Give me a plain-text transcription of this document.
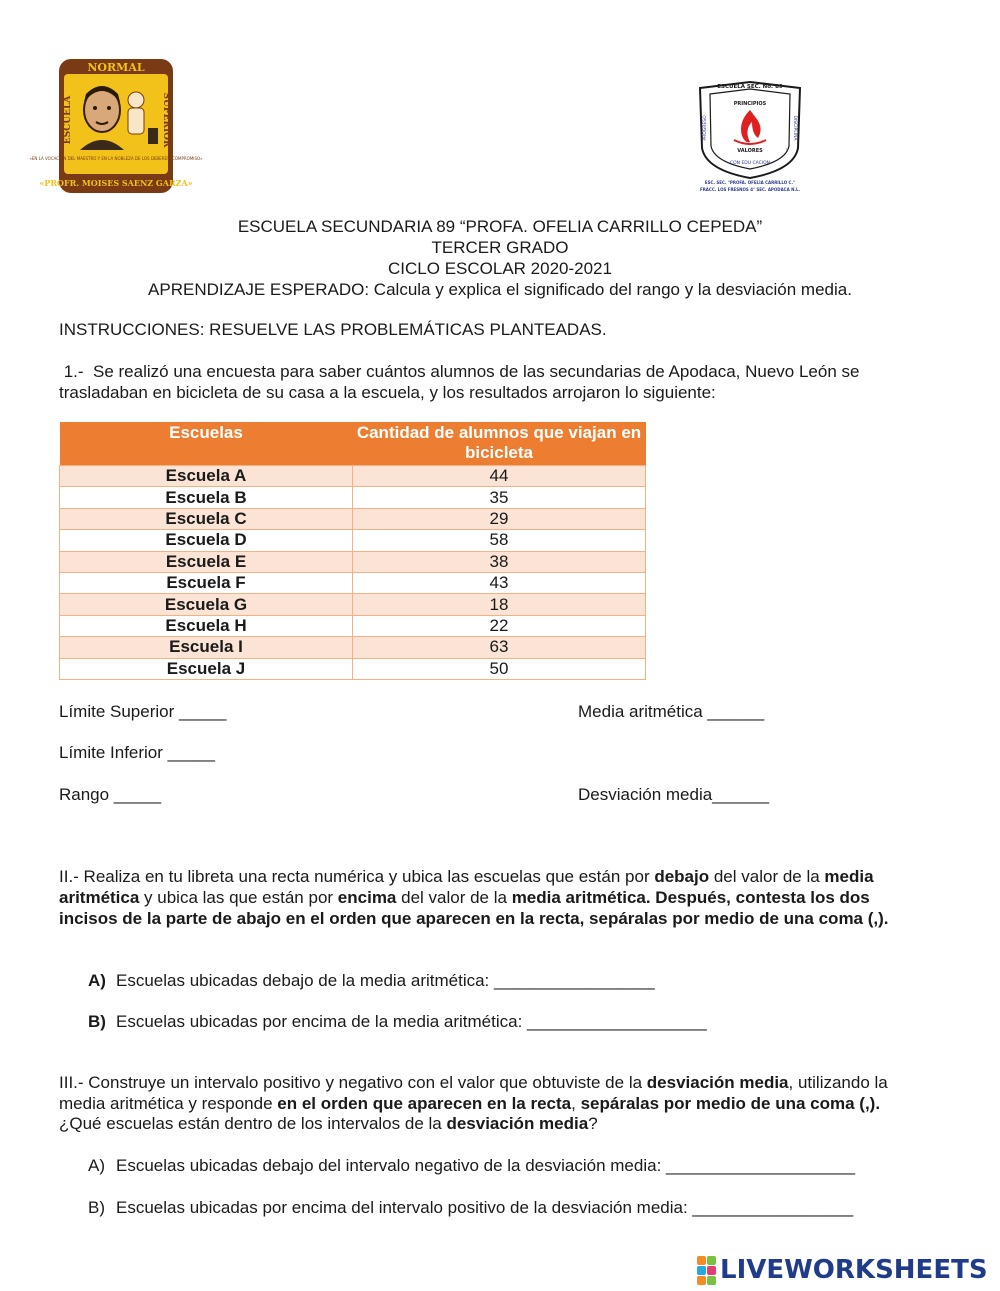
NORMAL
ESCUELA	SUPERIOR
«EN LA VOCACIÓN DEL MAESTRO Y EN LA NOBLEZA DE LOS DEBERES, COMPROMISO»
«PROFR. MOISES SAENZ GARZA»
ESCUELA SEC. No. 89
PRINCIPIOS
PROGRESO	DISCIPLINA
VALORES	Y
CON EDU CACION
ESC. SEC. "PROFA. OFELIA CARRILLO C."
FRACC. LOS FRESNOS 4° SEC. APODACA N.L.
ESCUELA SECUNDARIA 89 “PROFA. OFELIA CARRILLO CEPEDA”
TERCER GRADO
CICLO ESCOLAR 2020-2021
APRENDIZAJE ESPERADO: Calcula y explica el significado del rango y la desviación media.
INSTRUCCIONES: RESUELVE LAS PROBLEMÁTICAS PLANTEADAS.
1.-  Se realizó una encuesta para saber cuántos alumnos de las secundarias de Apodaca, Nuevo León se
trasladaban en bicicleta de su casa a la escuela, y los resultados arrojaron lo siguiente:
Escuelas	Cantidad de alumnos que viajan en bicicleta
Escuela A	44
Escuela B	35
Escuela C	29
Escuela D	58
Escuela E	38
Escuela F	43
Escuela G	18
Escuela H	22
Escuela I	63
Escuela J	50
Límite Superior _____	Media aritmética ______
Límite Inferior _____
Rango _____	Desviación media______
II.- Realiza en tu libreta una recta numérica y ubica las escuelas que están por debajo del valor de la media
aritmética y ubica las que están por encima del valor de la media aritmética. Después, contesta los dos
incisos de la parte de abajo en el orden que aparecen en la recta, sepáralas por medio de una coma (,).
A) Escuelas ubicadas debajo de la media aritmética: _________________
B) Escuelas ubicadas por encima de la media aritmética: ___________________
III.- Construye un intervalo positivo y negativo con el valor que obtuviste de la desviación media, utilizando la
media aritmética y responde en el orden que aparecen en la recta, sepáralas por medio de una coma (,).
¿Qué escuelas están dentro de los intervalos de la desviación media?
A) Escuelas ubicadas debajo del intervalo negativo de la desviación media: ____________________
B) Escuelas ubicadas por encima del intervalo positivo de la desviación media: _________________
LIVEWORKSHEETS
